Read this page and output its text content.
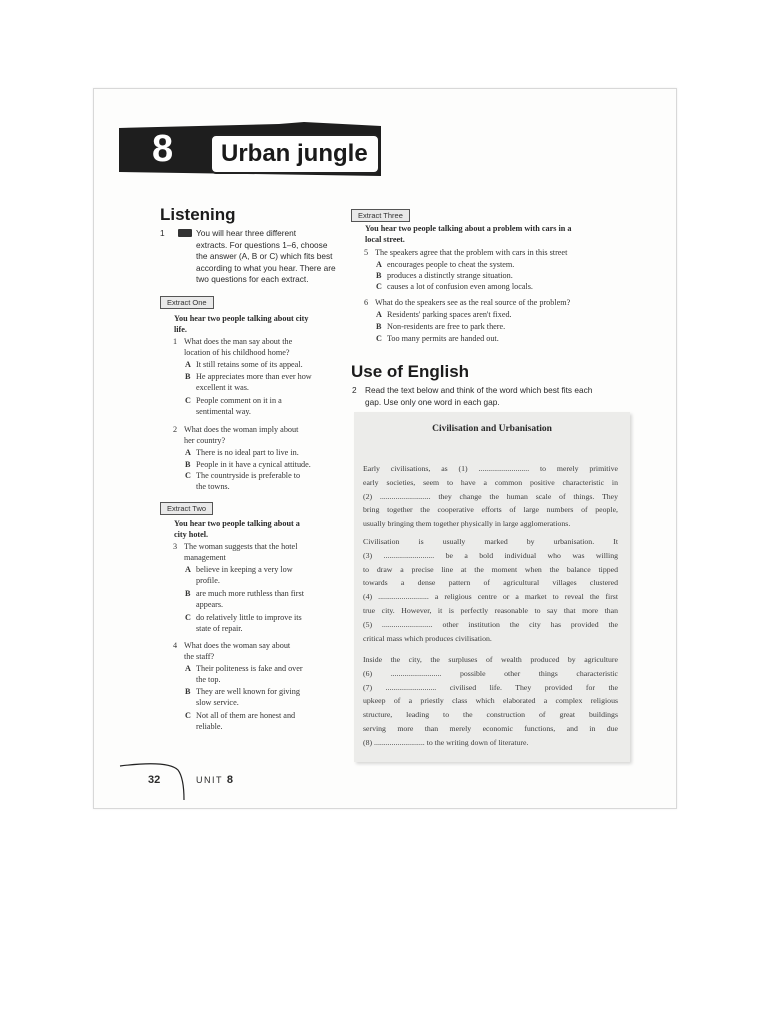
8	Urban jungle
Listening
1	You will hear three different
extracts. For questions 1–6, choose
the answer (A, B or C) which fits best
according to what you hear. There are
two questions for each extract.
Extract One
You hear two people talking about city
life.
1 What does the man say about the
location of his childhood home?
A It still retains some of its appeal.
B He appreciates more than ever how
excellent it was.
C People comment on it in a
sentimental way.
2 What does the woman imply about
her country?
A There is no ideal part to live in.
B People in it have a cynical attitude.
C The countryside is preferable to
the towns.
Extract Two
You hear two people talking about a
city hotel.
3 The woman suggests that the hotel
management
A believe in keeping a very low
profile.
B are much more ruthless than first
appears.
C do relatively little to improve its
state of repair.
4 What does the woman say about
the staff?
A Their politeness is fake and over
the top.
B They are well known for giving
slow service.
C Not all of them are honest and
reliable.
Extract Three
You hear two people talking about a problem with cars in a
local street.
5 The speakers agree that the problem with cars in this street
A encourages people to cheat the system.
B produces a distinctly strange situation.
C causes a lot of confusion even among locals.
6 What do the speakers see as the real source of the problem?
A Residents' parking spaces aren't fixed.
B Non-residents are free to park there.
C Too many permits are handed out.
Use of English
2 Read the text below and think of the word which best fits each
gap. Use only one word in each gap.
Civilisation and Urbanisation
Early civilisations, as (1) .......................... to merely primitive
early societies, seem to have a common positive characteristic in
(2) .......................... they change the human scale of things. They
bring together the cooperative efforts of large numbers of people,
usually bringing them together physically in large agglomerations.
Civilisation is usually marked by urbanisation. It
(3) .......................... be a bold individual who was willing
to draw a precise line at the moment when the balance tipped
towards a dense pattern of agricultural villages clustered
(4) .......................... a religious centre or a market to reveal the first
true city. However, it is perfectly reasonable to say that more than
(5) .......................... other institution the city has provided the
critical mass which produces civilisation.
Inside the city, the surpluses of wealth produced by agriculture
(6) .......................... possible other things characteristic
(7) .......................... civilised life. They provided for the
upkeep of a priestly class which elaborated a complex religious
structure, leading to the construction of great buildings
serving more than merely economic functions, and in due
(8) .......................... to the writing down of literature.
32	UNIT 8
